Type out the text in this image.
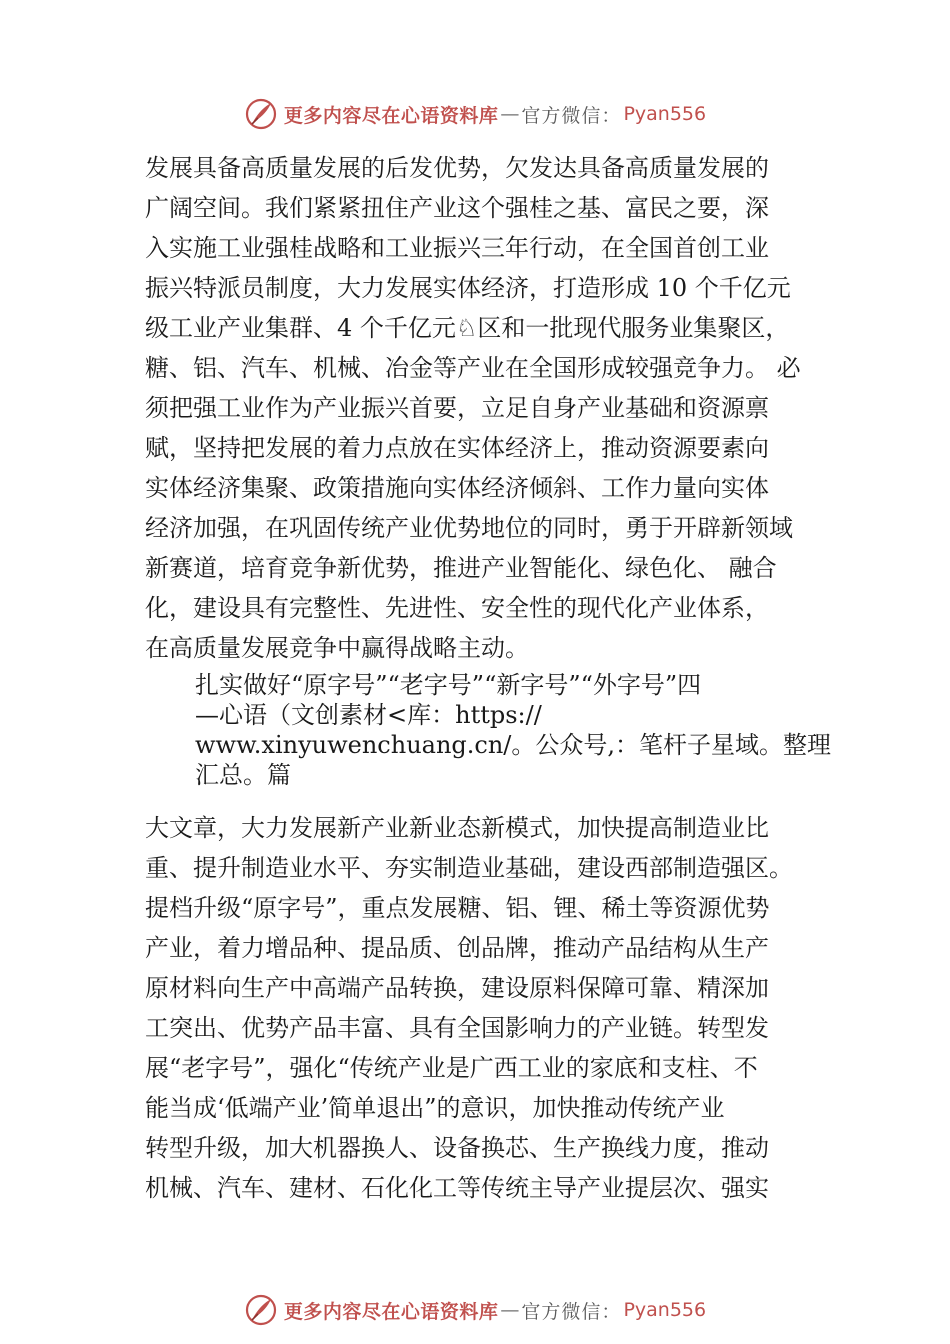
更多内容尽在心语资料库 — 官方微信： Pyan556
发展具备高质量发展的后发优势，欠发达具备高质量发展的
广阔空间。我们紧紧扭住产业这个强桂之基、富民之要，深
入实施工业强桂战略和工业振兴三年行动，在全国首创工业
振兴特派员制度，大力发展实体经济，打造形成 10 个千亿元
级工业产业集群、4 个千亿元♘区和一批现代服务业集聚区，
糖、铝、汽车、机械、冶金等产业在全国形成较强竞争力。 必
须把强工业作为产业振兴首要，立足自身产业基础和资源禀
赋，坚持把发展的着力点放在实体经济上，推动资源要素向
实体经济集聚、政策措施向实体经济倾斜、工作力量向实体
经济加强，在巩固传统产业优势地位的同时，勇于开辟新领域
新赛道，培育竞争新优势，推进产业智能化、绿色化、 融合
化，建设具有完整性、先进性、安全性的现代化产业体系，
在高质量发展竞争中赢得战略主动。
扎实做好“原字号”“老字号”“新字号”“外字号”四
—心语（文创素材<库：https://
www.xinyuwenchuang.cn/。公众号,：笔杆子星域。整理
汇总。篇
大文章，大力发展新产业新业态新模式，加快提高制造业比
重、提升制造业水平、夯实制造业基础，建设西部制造强区。
提档升级“原字号”，重点发展糖、铝、锂、稀土等资源优势
产业，着力增品种、提品质、创品牌，推动产品结构从生产
原材料向生产中高端产品转换，建设原料保障可靠、精深加
工突出、优势产品丰富、具有全国影响力的产业链。转型发
展“老字号”，强化“传统产业是广西工业的家底和支柱、不
能当成‘低端产业’简单退出”的意识，加快推动传统产业
转型升级，加大机器换人、设备换芯、生产换线力度，推动
机械、汽车、建材、石化化工等传统主导产业提层次、强实
更多内容尽在心语资料库 — 官方微信： Pyan556
